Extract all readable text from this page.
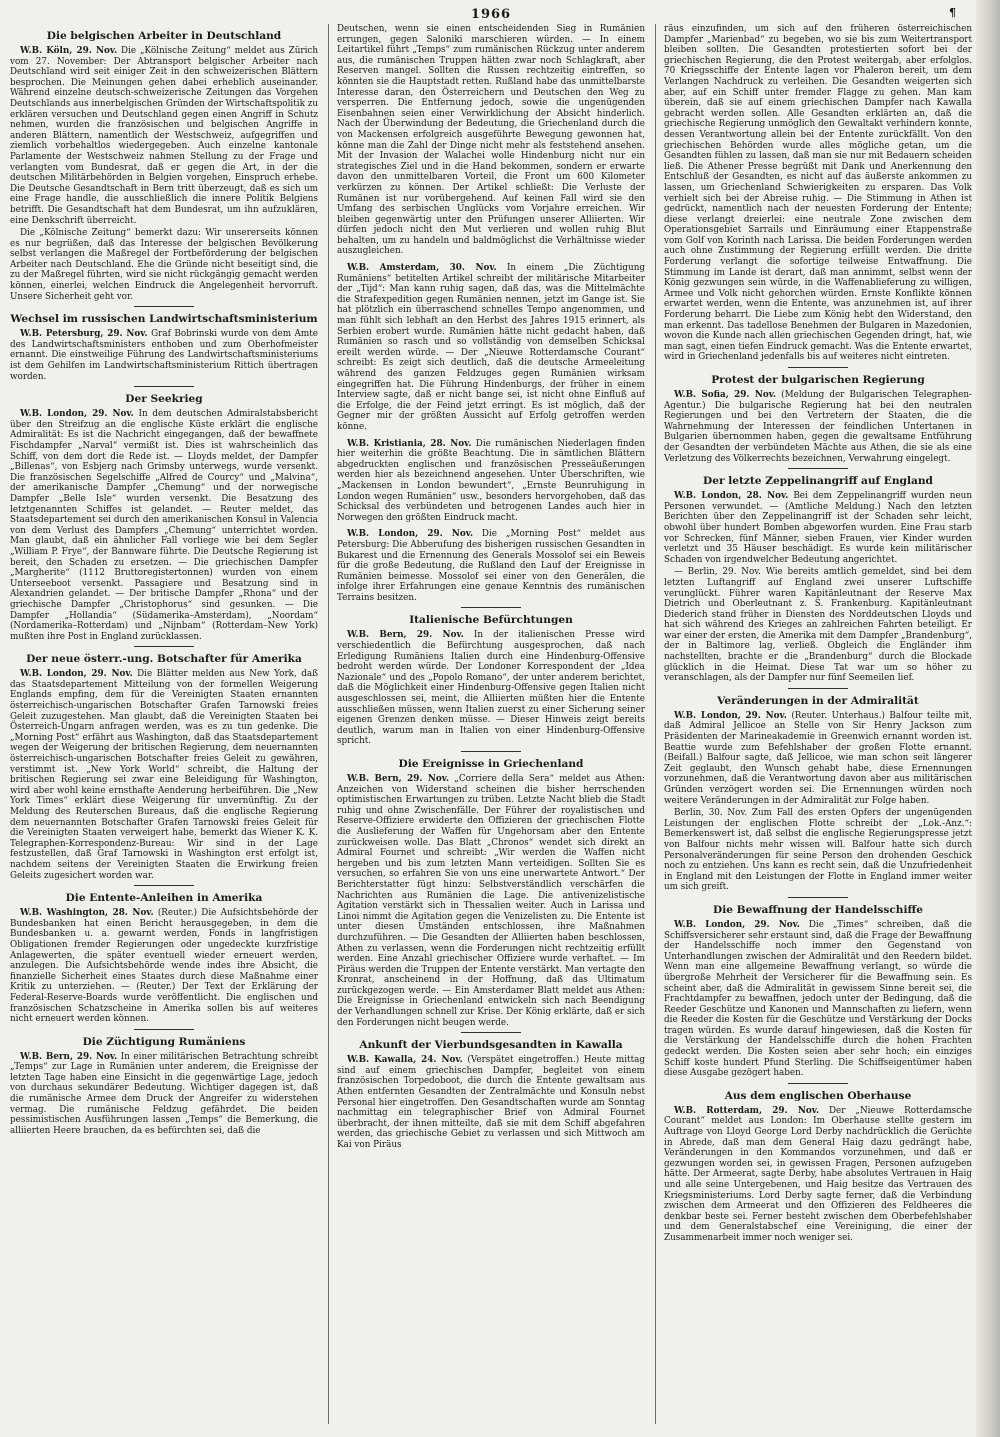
1966	¶
Die belgischen Arbeiter in Deutschland

W.B. Köln, 29. Nov. Die „Kölnische Zeitung“ meldet aus Zürich vom 27. November: Der Abtransport belgischer Arbeiter nach Deutschland wird seit einiger Zeit in den schweizerischen Blättern besprochen. Die Meinungen gehen dabei erheblich auseinander. Während einzelne deutsch-schweizerische Zeitungen das Vorgehen Deutschlands aus innerbelgischen Gründen der Wirtschaftspolitik zu erklären versuchen und Deutschland gegen einen Angriff in Schutz nehmen, wurden die französischen und belgischen Angriffe in anderen Blättern, namentlich der Westschweiz, aufgegriffen und ziemlich vorbehaltlos wiedergegeben. Auch einzelne kantonale Parlamente der Westschweiz nahmen Stellung zu der Frage und verlangten vom Bundesrat, daß er gegen die Art, in der die deutschen Militärbehörden in Belgien vorgehen, Einspruch erhebe. Die Deutsche Gesandtschaft in Bern tritt überzeugt, daß es sich um eine Frage handle, die ausschließlich die innere Politik Belgiens betrifft. Die Gesandtschaft hat dem Bundesrat, um ihn aufzuklären, eine Denkschrift überreicht.

Die „Kölnische Zeitung“ bemerkt dazu: Wir unsererseits können es nur begrüßen, daß das Interesse der belgischen Bevölkerung selbst verlangen die Maßregel der Fortbeförderung der belgischen Arbeiter nach Deutschland. Ehe die Gründe nicht beseitigt sind, die zu der Maßregel führten, wird sie nicht rückgängig gemacht werden können, einerlei, welchen Eindruck die Angelegenheit hervorruft. Unsere Sicherheit geht vor.

Wechsel im russischen Landwirtschaftsministerium

W.B. Petersburg, 29. Nov. Graf Bobrinski wurde von dem Amte des Landwirtschaftsministers enthoben und zum Oberhofmeister ernannt. Die einstweilige Führung des Landwirtschaftsministeriums ist dem Gehilfen im Landwirtschaftsministerium Rittich übertragen worden.

Der Seekrieg

W.B. London, 29. Nov. In dem deutschen Admiralstabsbericht über den Streifzug an die englische Küste erklärt die englische Admiralität: Es ist die Nachricht eingegangen, daß der bewaffnete Fischdampfer „Narval“ vermißt ist. Dies ist wahrscheinlich das Schiff, von dem dort die Rede ist. — Lloyds meldet, der Dampfer „Billenas“, von Esbjerg nach Grimsby unterwegs, wurde versenkt. Die französischen Segelschiffe „Alfred de Courcy“ und „Malvina“, der amerikanische Dampfer „Chemung“ und der norwegische Dampfer „Belle Isle“ wurden versenkt. Die Besatzung des letztgenannten Schiffes ist gelandet. — Reuter meldet, das Staatsdepartement sei durch den amerikanischen Konsul in Valencia von dem Verlust des Dampfers „Chemung“ unterrichtet worden. Man glaubt, daß ein ähnlicher Fall vorliege wie bei dem Segler „William P. Frye“, der Bannware führte. Die Deutsche Regierung ist bereit, den Schaden zu ersetzen. — Die griechischen Dampfer „Margherite“ (1112 Bruttoregistertonnen) wurden von einem Unterseeboot versenkt. Passagiere und Besatzung sind in Alexandrien gelandet. — Der britische Dampfer „Rhona“ und der griechische Dampfer „Christophorus“ sind gesunken. — Die Dampfer „Hollandia“ (Südamerika–Amsterdam), „Noordam“ (Nordamerika–Rotterdam) und „Nijnbam“ (Rotterdam–New York) mußten ihre Post in England zurücklassen.

Der neue österr.-ung. Botschafter für Amerika

W.B. London, 29. Nov. Die Blätter melden aus New York, daß das Staatsdepartement Mitteilung von der formellen Weigerung Englands empfing, dem für die Vereinigten Staaten ernannten österreichisch-ungarischen Botschafter Grafen Tarnowski freies Geleit zuzugestehen. Man glaubt, daß die Vereinigten Staaten bei Österreich-Ungarn anfragen werden, was es zu tun gedenke. Die „Morning Post“ erfährt aus Washington, daß das Staatsdepartement wegen der Weigerung der britischen Regierung, dem neuernannten österreichisch-ungarischen Botschafter freies Geleit zu gewähren, verstimmt ist. „New York World“ schreibt, die Haltung der britischen Regierung sei zwar eine Beleidigung für Washington, wird aber wohl keine ernsthafte Aenderung herbeiführen. Die „New York Times“ erklärt diese Weigerung für unvernünftig. Zu der Meldung des Reuterschen Bureaus, daß die englische Regierung dem neuernannten Botschafter Grafen Tarnowski freies Geleit für die Vereinigten Staaten verweigert habe, bemerkt das Wiener K. K. Telegraphen-Korrespondenz-Bureau: Wir sind in der Lage festzustellen, daß Graf Tarnowski in Washington erst erfolgt ist, nachdem seitens der Vereinigten Staaten die Erwirkung freien Geleits zugesichert worden war.

Die Entente-Anleihen in Amerika

W.B. Washington, 28. Nov. (Reuter.) Die Aufsichtsbehörde der Bundesbanken hat einen Bericht herausgegeben, in dem die Bundesbanken u. a. gewarnt werden, Fonds in langfristigen Obligationen fremder Regierungen oder ungedeckte kurzfristige Anlagewerten, die später eventuell wieder erneuert werden, anzulegen. Die Aufsichtsbehörde wende indes ihre Absicht, die finanzielle Sicherheit eines Staates durch diese Maßnahme einer Kritik zu unterziehen. — (Reuter.) Der Text der Erklärung der Federal-Reserve-Boards wurde veröffentlicht. Die englischen und französischen Schatzscheine in Amerika sollen bis auf weiteres nicht erneuert werden können.

Die Züchtigung Rumäniens

W.B. Bern, 29. Nov. In einer militärischen Betrachtung schreibt „Temps“ zur Lage in Rumänien unter anderem, die Ereignisse der letzten Tage haben eine Einsicht in die gegenwärtige Lage, jedoch von durchaus sekundärer Bedeutung. Wichtiger dagegen ist, daß die rumänische Armee dem Druck der Angreifer zu widerstehen vermag. Die rumänische Feldzug gefährdet. Die beiden pessimistischen Ausführungen lassen „Temps“ die Bemerkung, die alliierten Heere brauchen, da es befürchten sei, daß die

Deutschen, wenn sie einen entscheidenden Sieg in Rumänien errungen, gegen Saloniki marschieren würden. — In einem Leitartikel führt „Temps“ zum rumänischen Rückzug unter anderem aus, die rumänischen Truppen hätten zwar noch Schlagkraft, aber Reserven mangel. Sollten die Russen rechtzeitig eintreffen, so könnten sie die Hauptstadt retten. Rußland habe das unmittelbarste Interesse daran, den Österreichern und Deutschen den Weg zu versperren. Die Entfernung jedoch, sowie die ungenügenden Eisenbahnen seien einer Verwirklichung der Absicht hinderlich. Nach der Überwindung der Bedeutung, die Griechenland durch die von Mackensen erfolgreich ausgeführte Bewegung gewonnen hat, könne man die Zahl der Dinge nicht mehr als feststehend ansehen. Mit der Invasion der Walachei wolle Hindenburg nicht nur ein strategisches Ziel und in die Hand bekommen, sondern er erwarte davon den unmittelbaren Vorteil, die Front um 600 Kilometer verkürzen zu können. Der Artikel schließt: Die Verluste der Rumänen ist nur vorübergehend. Auf keinen Fall wird sie den Umfang des serbischen Unglücks vom Vorjahre erreichen. Wir bleiben gegenwärtig unter den Prüfungen unserer Alliierten. Wir dürfen jedoch nicht den Mut verlieren und wollen ruhig Blut behalten, um zu handeln und baldmöglichst die Verhältnisse wieder auszugleichen.

W.B. Amsterdam, 30. Nov. In einem „Die Züchtigung Rumäniens“ betitelten Artikel schreibt der militärische Mitarbeiter der „Tijd“: Man kann ruhig sagen, daß das, was die Mittelmächte die Strafexpedition gegen Rumänien nennen, jetzt im Gange ist. Sie hat plötzlich ein überraschend schnelles Tempo angenommen, und man fühlt sich lebhaft an den Herbst des Jahres 1915 erinnert, als Serbien erobert wurde. Rumänien hätte nicht gedacht haben, daß Rumänien so rasch und so vollständig von demselben Schicksal ereilt werden würde. — Der „Nieuwe Rotterdamsche Courant“ schreibt: Es zeigt sich deutlich, daß die deutsche Armeeleitung während des ganzen Feldzuges gegen Rumänien wirksam eingegriffen hat. Die Führung Hindenburgs, der früher in einem Interview sagte, daß er nicht bange sei, ist nicht ohne Einfluß auf die Erfolge, die der Feind jetzt erringt. Es ist möglich, daß der Gegner mir der größten Aussicht auf Erfolg getroffen werden könne.

W.B. Kristiania, 28. Nov. Die rumänischen Niederlagen finden hier weiterhin die größte Beachtung. Die in sämtlichen Blättern abgedruckten englischen und französischen Presseäußerungen werden hier als bezeichnend angesehen. Unter Überschriften, wie „Mackensen in London bewundert“, „Ernste Beunruhigung in London wegen Rumänien“ usw., besonders hervorgehoben, daß das Schicksal des verbündeten und betrogenen Landes auch hier in Norwegen den größten Eindruck macht.

W.B. London, 29. Nov. Die „Morning Post“ meldet aus Petersburg: Die Abberufung des bisherigen russischen Gesandten in Bukarest und die Ernennung des Generals Mossolof sei ein Beweis für die große Bedeutung, die Rußland den Lauf der Ereignisse in Rumänien beimesse. Mossolof sei einer von den Generälen, die infolge ihrer Erfahrungen eine genaue Kenntnis des rumänischen Terrains besitzen.

Italienische Befürchtungen

W.B. Bern, 29. Nov. In der italienischen Presse wird verschiedentlich die Befürchtung ausgesprochen, daß nach Erledigung Rumäniens Italien durch eine Hindenburg-Offensive bedroht werden würde. Der Londoner Korrespondent der „Idea Nazionale“ und des „Popolo Romano“, der unter anderem berichtet, daß die Möglichkeit einer Hindenburg-Offensive gegen Italien nicht ausgeschlossen sei, meint, die Alliierten müßten hier die Entente ausschließen müssen, wenn Italien zuerst zu einer Sicherung seiner eigenen Grenzen denken müsse. — Dieser Hinweis zeigt bereits deutlich, warum man in Italien von einer Hindenburg-Offensive spricht.

Die Ereignisse in Griechenland

W.B. Bern, 29. Nov. „Corriere della Sera“ meldet aus Athen: Anzeichen von Widerstand scheinen die bisher herrschenden optimistischen Erwartungen zu trüben. Letzte Nacht blieb die Stadt ruhig und ohne Zwischenfälle. Der Führer der royalistischen und Reserve-Offiziere erwiderte den Offizieren der griechischen Flotte die Auslieferung der Waffen für Ungehorsam aber den Entente zurückweisen wolle. Das Blatt „Chronos“ wendet sich direkt an Admiral Fournet und schreibt: „Wir werden die Waffen nicht hergeben und bis zum letzten Mann verteidigen. Sollten Sie es versuchen, so erfahren Sie von uns eine unerwartete Antwort.“ Der Berichterstatter fügt hinzu: Selbstverständlich verschärfen die Nachrichten aus Rumänien die Lage. Die antivenizelistische Agitation verstärkt sich in Thessalien weiter. Auch in Larissa und Linoi nimmt die Agitation gegen die Venizelisten zu. Die Entente ist unter diesen Umständen entschlossen, ihre Maßnahmen durchzuführen. — Die Gesandten der Alliierten haben beschlossen, Athen zu verlassen, wenn die Forderungen nicht rechtzeitig erfüllt werden. Eine Anzahl griechischer Offiziere wurde verhaftet. — Im Piräus werden die Truppen der Entente verstärkt. Man vertagte den Kronrat, anscheinend in der Hoffnung, daß das Ultimatum zurückgezogen werde. — Ein Amsterdamer Blatt meldet aus Athen: Die Ereignisse in Griechenland entwickeln sich nach Beendigung der Verhandlungen schnell zur Krise. Der König erklärte, daß er sich den Forderungen nicht beugen werde.

Ankunft der Vierbundsgesandten in Kawalla

W.B. Kawalla, 24. Nov. (Verspätet eingetroffen.) Heute mittag sind auf einem griechischen Dampfer, begleitet von einem französischen Torpedoboot, die durch die Entente gewaltsam aus Athen entfernten Gesandten der Zentralmächte und Konsuln nebst Personal hier eingetroffen. Den Gesandtschaften wurde am Sonntag nachmittag ein telegraphischer Brief von Admiral Fournet überbracht, der ihnen mitteilte, daß sie mit dem Schiff abgefahren werden, das griechische Gebiet zu verlassen und sich Mittwoch am Kai von Piräus

räus einzufinden, um sich auf den früheren österreichischen Dampfer „Marienbad“ zu begeben, wo sie bis zum Weitertransport bleiben sollten. Die Gesandten protestierten sofort bei der griechischen Regierung, die den Protest weitergab, aber erfolglos. 70 Kriegsschiffe der Entente lagen vor Phaleron bereit, um dem Verlangen Nachdruck zu verleihen. Die Gesandten weigerten sich aber, auf ein Schiff unter fremder Flagge zu gehen. Man kam überein, daß sie auf einem griechischen Dampfer nach Kawalla gebracht werden sollen. Alle Gesandten erklärten an, daß die griechische Regierung unmöglich den Gewaltakt verhindern konnte, dessen Verantwortung allein bei der Entente zurückfällt. Von den griechischen Behörden wurde alles mögliche getan, um die Gesandten fühlen zu lassen, daß man sie nur mit Bedauern scheiden ließ. Die Athener Presse begrüßt mit Dank und Anerkennung den Entschluß der Gesandten, es nicht auf das äußerste ankommen zu lassen, um Griechenland Schwierigkeiten zu ersparen. Das Volk verhielt sich bei der Abreise ruhig. — Die Stimmung in Athen ist gedrückt, namentlich nach der neuesten Forderung der Entente; diese verlangt dreierlei: eine neutrale Zone zwischen dem Operationsgebiet Sarrails und Einräumung einer Etappenstraße vom Golf von Korinth nach Larissa. Die beiden Forderungen werden auch ohne Zustimmung der Regierung erfüllt werden. Die dritte Forderung verlangt die sofortige teilweise Entwaffnung. Die Stimmung im Lande ist derart, daß man annimmt, selbst wenn der König gezwungen sein würde, in die Waffenablieferung zu willigen, Armee und Volk nicht gehorchen würden. Ernste Konflikte können erwartet werden, wenn die Entente, was anzunehmen ist, auf ihrer Forderung beharrt. Die Liebe zum König hebt den Widerstand, den man erkennt. Das tadellose Benehmen der Bulgaren in Mazedonien, wovon die Kunde nach allen griechischen Gegenden dringt, hat, wie man sagt, einen tiefen Eindruck gemacht. Was die Entente erwartet, wird in Griechenland jedenfalls bis auf weiteres nicht eintreten.

Protest der bulgarischen Regierung

W.B. Sofia, 29. Nov. (Meldung der Bulgarischen Telegraphen-Agentur.) Die bulgarische Regierung hat bei den neutralen Regierungen und bei den Vertretern der Staaten, die die Wahrnehmung der Interessen der feindlichen Untertanen in Bulgarien übernommen haben, gegen die gewaltsame Entführung der Gesandten der verbündeten Mächte aus Athen, die sie als eine Verletzung des Völkerrechts bezeichnen, Verwahrung eingelegt.

Der letzte Zeppelinangriff auf England

W.B. London, 28. Nov. Bei dem Zeppelinangriff wurden neun Personen verwundet. — (Amtliche Meldung.) Nach den letzten Berichten über den Zeppelinangriff ist der Schaden sehr leicht, obwohl über hundert Bomben abgeworfen wurden. Eine Frau starb vor Schrecken, fünf Männer, sieben Frauen, vier Kinder wurden verletzt und 35 Häuser beschädigt. Es wurde kein militärischer Schaden von irgendwelcher Bedeutung angerichtet.

— Berlin, 29. Nov. Wie bereits amtlich gemeldet, sind bei dem letzten Luftangriff auf England zwei unserer Luftschiffe verunglückt. Führer waren Kapitänleutnant der Reserve Max Dietrich und Oberleutnant z. S. Frankenburg. Kapitänleutnant Diederich stand früher in Diensten des Norddeutschen Lloyds und hat sich während des Krieges an zahlreichen Fahrten beteiligt. Er war einer der ersten, die Amerika mit dem Dampfer „Brandenburg“, der in Baltimore lag, verließ. Obgleich die Engländer ihm nachstellten, brachte er die „Brandenburg“ durch die Blockade glücklich in die Heimat. Diese Tat war um so höher zu veranschlagen, als der Dampfer nur fünf Seemeilen lief.

Veränderungen in der Admiralität

W.B. London, 29. Nov. (Reuter. Unterhaus.) Balfour teilte mit, daß Admiral Jellicoe an Stelle von Sir Henry Jackson zum Präsidenten der Marineakademie in Greenwich ernannt worden ist. Beattie wurde zum Befehlshaber der großen Flotte ernannt. (Beifall.) Balfour sagte, daß Jellicoe, wie man schon seit längerer Zeit geglaubt, den Wunsch gehabt habe, diese Ernennungen vorzunehmen, daß die Verantwortung davon aber aus militärischen Gründen verzögert worden sei. Die Ernennungen würden noch weitere Veränderungen in der Admiralität zur Folge haben.

Berlin, 30. Nov. Zum Fall des ersten Opfers der ungenügenden Leistungen der englischen Flotte schreibt der „Lok.-Anz.“: Bemerkenswert ist, daß selbst die englische Regierungspresse jetzt von Balfour nichts mehr wissen will. Balfour hatte sich durch Personalveränderungen für seine Person den drohenden Geschick noch zu entziehen. Uns kann es recht sein, daß die Unzufriedenheit in England mit den Leistungen der Flotte in England immer weiter um sich greift.

Die Bewaffnung der Handelsschiffe

W.B. London, 29. Nov. Die „Times“ schreiben, daß die Schiffsversicherer sehr erstaunt sind, daß die Frage der Bewaffnung der Handelsschiffe noch immer den Gegenstand von Unterhandlungen zwischen der Admiralität und den Reedern bildet. Wenn man eine allgemeine Bewaffnung verlangt, so würde die übergroße Mehrheit der Versicherer für die Bewaffnung sein. Es scheint aber, daß die Admiralität in gewissem Sinne bereit sei, die Frachtdampfer zu bewaffnen, jedoch unter der Bedingung, daß die Reeder Geschütze und Kanonen und Mannschaften zu liefern, wenn die Reeder die Kosten für die Geschütze und Verstärkung der Docks tragen würden. Es wurde darauf hingewiesen, daß die Kosten für die Verstärkung der Handelsschiffe durch die hohen Frachten gedeckt werden. Die Kosten seien aber sehr hoch; ein einziges Schiff koste hundert Pfund Sterling. Die Schiffseigentümer haben diese Ausgabe gezögert haben.

Aus dem englischen Oberhause

W.B. Rotterdam, 29. Nov. Der „Nieuwe Rotterdamsche Courant“ meldet aus London: Im Oberhause stellte gestern im Auftrage von Lloyd George Lord Derby nachdrücklich die Gerüchte in Abrede, daß man dem General Haig dazu gedrängt habe, Veränderungen in den Kommandos vorzunehmen, und daß er gezwungen worden sei, in gewissen Fragen, Personen aufzugeben hätte. Der Armeerat, sagte Derby, habe absolutes Vertrauen in Haig und alle seine Untergebenen, und Haig besitze das Vertrauen des Kriegsministeriums. Lord Derby sagte ferner, daß die Verbindung zwischen dem Armeerat und den Offizieren des Feldheeres die denkbar beste sei. Ferner besteht zwischen dem Oberbefehlshaber und dem Generalstabschef eine Vereinigung, die einer der Zusammenarbeit immer noch weniger sei.
